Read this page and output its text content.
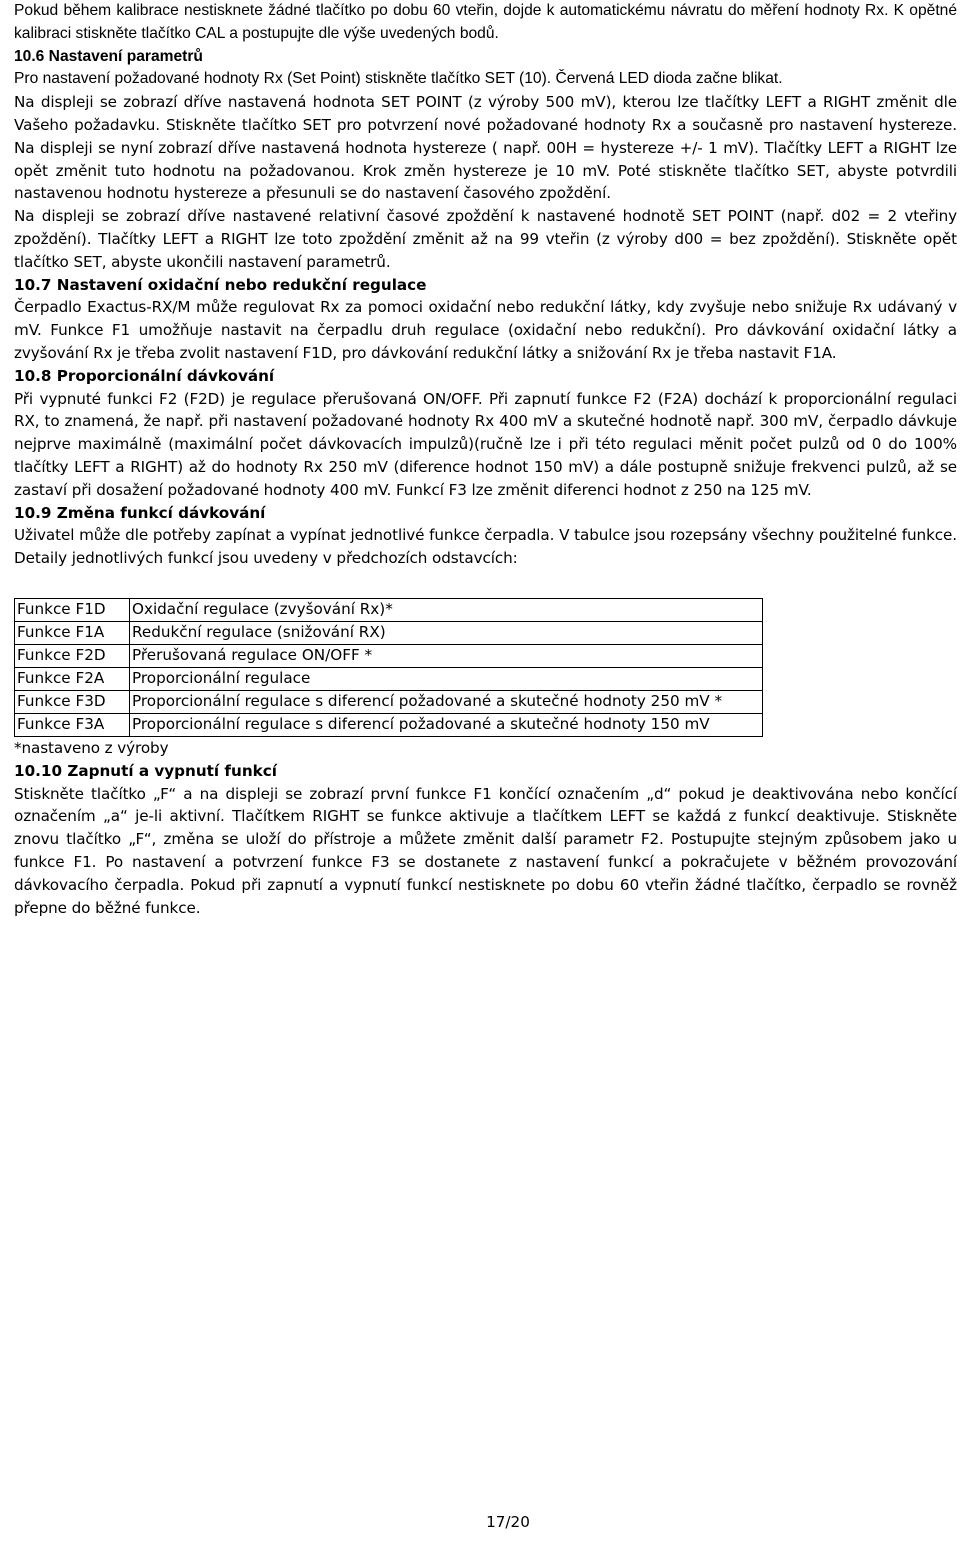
Pokud během kalibrace nestisknete žádné tlačítko po dobu 60 vteřin, dojde k automatickému návratu do měření hodnoty Rx. K opětné kalibraci stiskněte tlačítko CAL a postupujte dle výše uvedených bodů.

10.6 Nastavení parametrů

Pro nastavení požadované hodnoty Rx (Set Point) stiskněte tlačítko SET (10). Červená LED dioda začne blikat.

Na displeji se zobrazí dříve nastavená hodnota SET POINT (z výroby 500 mV), kterou lze tlačítky LEFT a RIGHT změnit dle Vašeho požadavku. Stiskněte tlačítko SET pro potvrzení nové požadované hodnoty Rx a současně pro nastavení hystereze. Na displeji se nyní zobrazí dříve nastavená hodnota hystereze ( např. 00H = hystereze +/- 1 mV). Tlačítky LEFT a RIGHT lze opět změnit tuto hodnotu na požadovanou. Krok změn hystereze je 10 mV. Poté stiskněte tlačítko SET, abyste potvrdili nastavenou hodnotu hystereze a přesunuli se do nastavení časového zpoždění.

Na displeji se zobrazí dříve nastavené relativní časové zpoždění k nastavené hodnotě SET POINT (např. d02 = 2 vteřiny zpoždění). Tlačítky LEFT a RIGHT lze toto zpoždění změnit až na 99 vteřin (z výroby d00 = bez zpoždění). Stiskněte opět tlačítko SET, abyste ukončili nastavení parametrů.

10.7 Nastavení oxidační nebo redukční regulace

Čerpadlo Exactus-RX/M může regulovat Rx za pomoci oxidační nebo redukční látky, kdy zvyšuje nebo snižuje Rx udávaný v mV. Funkce F1 umožňuje nastavit na čerpadlu druh regulace (oxidační nebo redukční). Pro dávkování oxidační látky a zvyšování Rx je třeba zvolit nastavení F1D, pro dávkování redukční látky a snižování Rx je třeba nastavit F1A.

10.8 Proporcionální dávkování

Při vypnuté funkci F2 (F2D) je regulace přerušovaná ON/OFF. Při zapnutí funkce F2 (F2A) dochází k proporcionální regulaci RX, to znamená, že např. při nastavení požadované hodnoty Rx 400 mV a skutečné hodnotě např. 300 mV, čerpadlo dávkuje nejprve maximálně (maximální počet dávkovacích impulzů)(ručně lze i při této regulaci měnit počet pulzů od 0 do 100% tlačítky LEFT a RIGHT) až do hodnoty Rx 250 mV (diference hodnot 150 mV) a dále postupně snižuje frekvenci pulzů, až se zastaví při dosažení požadované hodnoty 400 mV. Funkcí F3 lze změnit diferenci hodnot z 250 na 125 mV.

10.9 Změna funkcí dávkování

Uživatel může dle potřeby zapínat a vypínat jednotlivé funkce čerpadla. V tabulce jsou rozepsány všechny použitelné funkce. Detaily jednotlivých funkcí jsou uvedeny v předchozích odstavcích:

Funkce F1D	Oxidační regulace (zvyšování Rx)*
Funkce F1A	Redukční regulace (snižování RX)
Funkce F2D	Přerušovaná regulace ON/OFF *
Funkce F2A	Proporcionální regulace
Funkce F3D	Proporcionální regulace s diferencí požadované a skutečné hodnoty 250 mV *
Funkce F3A	Proporcionální regulace s diferencí požadované a skutečné hodnoty 150 mV

*nastaveno z výroby

10.10 Zapnutí a vypnutí funkcí

Stiskněte tlačítko „F“ a na displeji se zobrazí první funkce F1 končící označením „d“ pokud je deaktivována nebo končící označením „a“ je-li aktivní. Tlačítkem RIGHT se funkce aktivuje a tlačítkem LEFT se každá z funkcí deaktivuje. Stiskněte znovu tlačítko „F“, změna se uloží do přístroje a můžete změnit další parametr F2. Postupujte stejným způsobem jako u funkce F1. Po nastavení a potvrzení funkce F3 se dostanete z nastavení funkcí a pokračujete v běžném provozování dávkovacího čerpadla. Pokud při zapnutí a vypnutí funkcí nestisknete po dobu 60 vteřin žádné tlačítko, čerpadlo se rovněž přepne do běžné funkce.

17/20
